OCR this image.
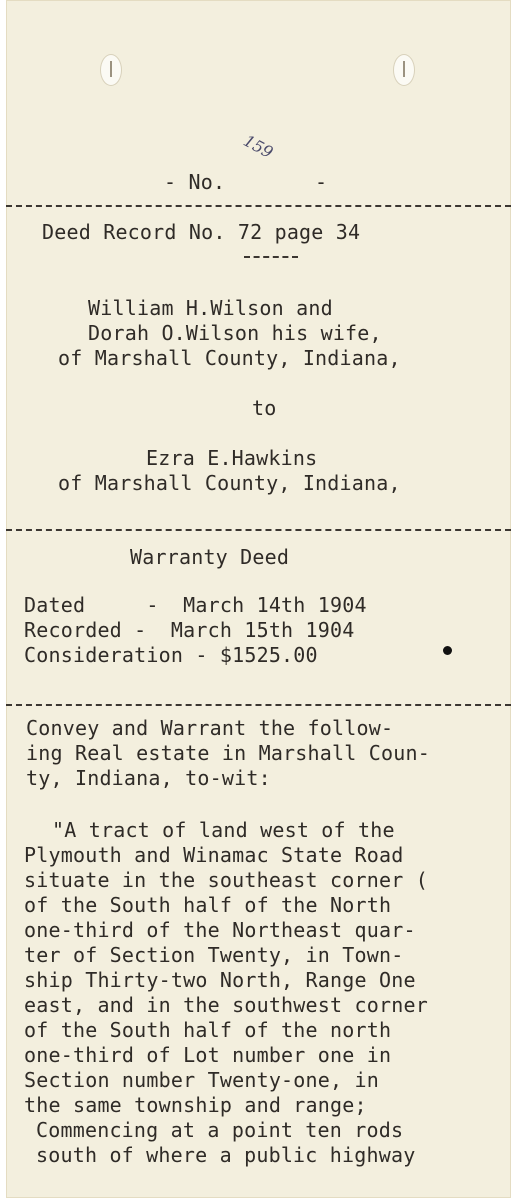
159
- No.	-
Deed Record No. 72 page 34
William H.Wilson and
Dorah O.Wilson his wife,
of Marshall County, Indiana,
to
Ezra E.Hawkins
of Marshall County, Indiana,
Warranty Deed
Dated     -  March 14th 1904
Recorded -  March 15th 1904
Consideration - $1525.00
Convey and Warrant the follow-
ing Real estate in Marshall Coun-
ty, Indiana, to-wit:
"A tract of land west of the
Plymouth and Winamac State Road
situate in the southeast corner (
of the South half of the North
one-third of the Northeast quar-
ter of Section Twenty, in Town-
ship Thirty-two North, Range One
east, and in the southwest corner
of the South half of the north
one-third of Lot number one in
Section number Twenty-one, in
the same township and range;
Commencing at a point ten rods
south of where a public highway
